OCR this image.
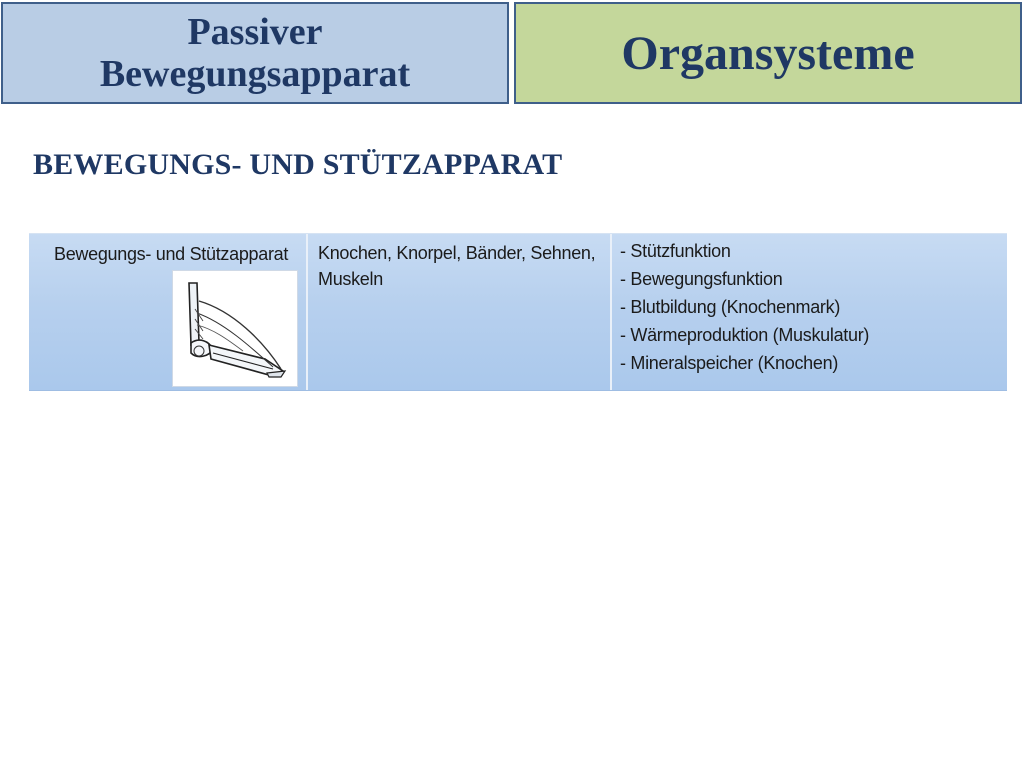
Passiver
Bewegungsapparat	Organsysteme
BEWEGUNGS- UND STÜTZAPPARAT
Bewegungs- und Stützapparat Knochen, Knorpel, Bänder, Sehnen, Muskeln
- Stützfunktion
- Bewegungsfunktion
- Blutbildung (Knochenmark)
- Wärmeproduktion (Muskulatur)
- Mineralspeicher (Knochen)
